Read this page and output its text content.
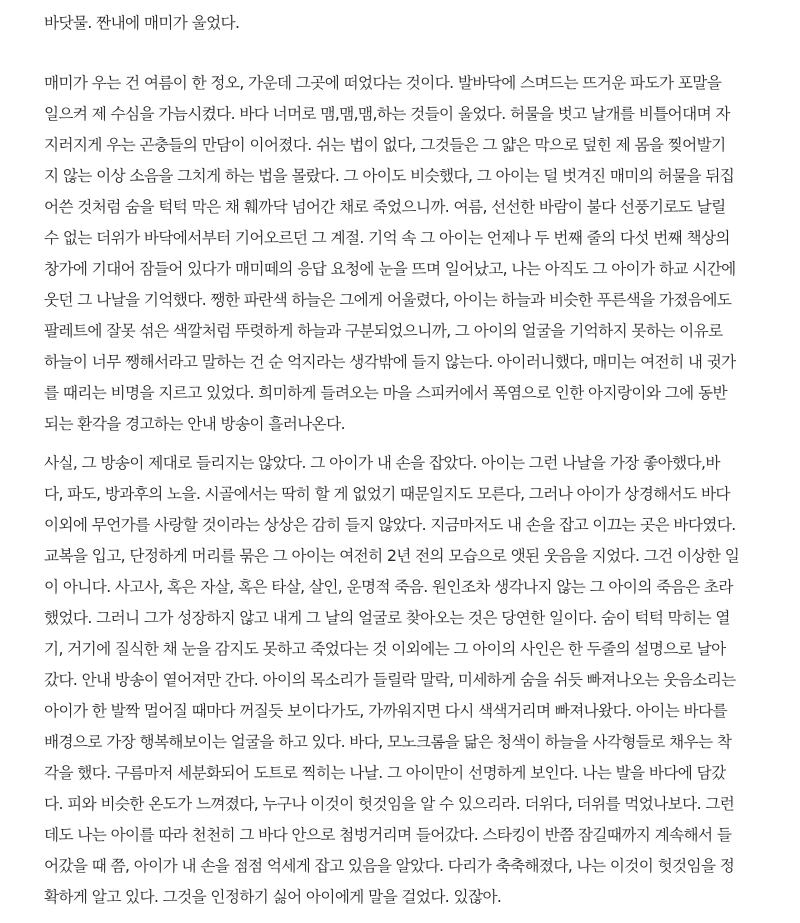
바닷물. 짠내에 매미가 울었다.
매미가 우는 건 여름이 한 정오, 가운데 그곳에 떠었다는 것이다. 발바닥에 스며드는 뜨거운 파도가 포말을
일으켜 제 수심을 가늠시켰다. 바다 너머로 맴,맴,맴,하는 것들이 울었다. 허물을 벗고 날개를 비틀어대며 자
지러지게 우는 곤충들의 만담이 이어졌다. 쉬는 법이 없다, 그것들은 그 얇은 막으로 덮힌 제 몸을 찢어발기
지 않는 이상 소음을 그치게 하는 법을 몰랐다. 그 아이도 비슷했다, 그 아이는 덜 벗겨진 매미의 허물을 뒤집
어쓴 것처럼 숨을 턱턱 막은 채 훼까닥 넘어간 채로 죽었으니까. 여름, 선선한 바람이 불다 선풍기로도 날릴
수 없는 더위가 바닥에서부터 기어오르던 그 계절. 기억 속 그 아이는 언제나 두 번째 줄의 다섯 번째 책상의
창가에 기대어 잠들어 있다가 매미떼의 응답 요청에 눈을 뜨며 일어났고, 나는 아직도 그 아이가 하교 시간에
웃던 그 나날을 기억했다. 쨍한 파란색 하늘은 그에게 어울렸다, 아이는 하늘과 비슷한 푸른색을 가졌음에도
팔레트에 잘못 섞은 색깔처럼 뚜렷하게 하늘과 구분되었으니까, 그 아이의 얼굴을 기억하지 못하는 이유로
하늘이 너무 쨍해서라고 말하는 건 순 억지라는 생각밖에 들지 않는다. 아이러니했다, 매미는 여전히 내 귓가
를 때리는 비명을 지르고 있었다. 희미하게 들려오는 마을 스피커에서 폭염으로 인한 아지랑이와 그에 동반
되는 환각을 경고하는 안내 방송이 흘러나온다.
사실, 그 방송이 제대로 들리지는 않았다. 그 아이가 내 손을 잡았다. 아이는 그런 나날을 가장 좋아했다,바
다, 파도, 방과후의 노을. 시골에서는 딱히 할 게 없었기 때문일지도 모른다, 그러나 아이가 상경해서도 바다
이외에 무언가를 사랑할 것이라는 상상은 감히 들지 않았다. 지금마저도 내 손을 잡고 이끄는 곳은 바다였다.
교복을 입고, 단정하게 머리를 묶은 그 아이는 여전히 2년 전의 모습으로 앳된 웃음을 지었다. 그건 이상한 일
이 아니다. 사고사, 혹은 자살, 혹은 타살, 살인, 운명적 죽음. 원인조차 생각나지 않는 그 아이의 죽음은 초라
했었다. 그러니 그가 성장하지 않고 내게 그 날의 얼굴로 찾아오는 것은 당연한 일이다. 숨이 턱턱 막히는 열
기, 거기에 질식한 채 눈을 감지도 못하고 죽었다는 것 이외에는 그 아이의 사인은 한 두줄의 설명으로 날아
갔다. 안내 방송이 옅어져만 간다. 아이의 목소리가 들릴락 말락, 미세하게 숨을 쉬듯 빠져나오는 웃음소리는
아이가 한 발짝 멀어질 때마다 꺼질듯 보이다가도, 가까워지면 다시 색색거리며 빠져나왔다. 아이는 바다를
배경으로 가장 행복해보이는 얼굴을 하고 있다. 바다, 모노크롬을 닮은 청색이 하늘을 사각형들로 채우는 착
각을 했다. 구름마저 세분화되어 도트로 찍히는 나날. 그 아이만이 선명하게 보인다. 나는 발을 바다에 담갔
다. 피와 비슷한 온도가 느껴졌다, 누구나 이것이 헛것임을 알 수 있으리라. 더위다, 더위를 먹었나보다. 그런
데도 나는 아이를 따라 천천히 그 바다 안으로 첨벙거리며 들어갔다. 스타킹이 반쯤 잠길때까지 계속해서 들
어갔을 때 쯤, 아이가 내 손을 점점 억세게 잡고 있음을 알았다. 다리가 축축해졌다, 나는 이것이 헛것임을 정
확하게 알고 있다. 그것을 인정하기 싫어 아이에게 말을 걸었다. 있잖아.
